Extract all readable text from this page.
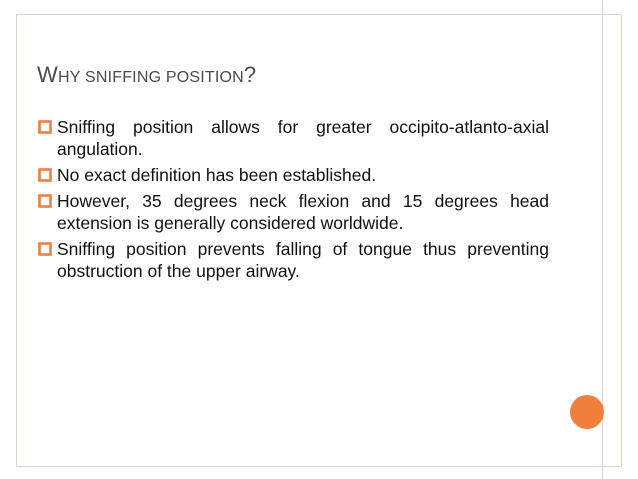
WHY SNIFFING POSITION?
Sniffing position allows for greater occipito-atlanto-axial angulation.
No exact definition has been established.
However, 35 degrees neck flexion and 15 degrees head extension is generally considered worldwide.
Sniffing position prevents falling of tongue thus preventing obstruction of the upper airway.
